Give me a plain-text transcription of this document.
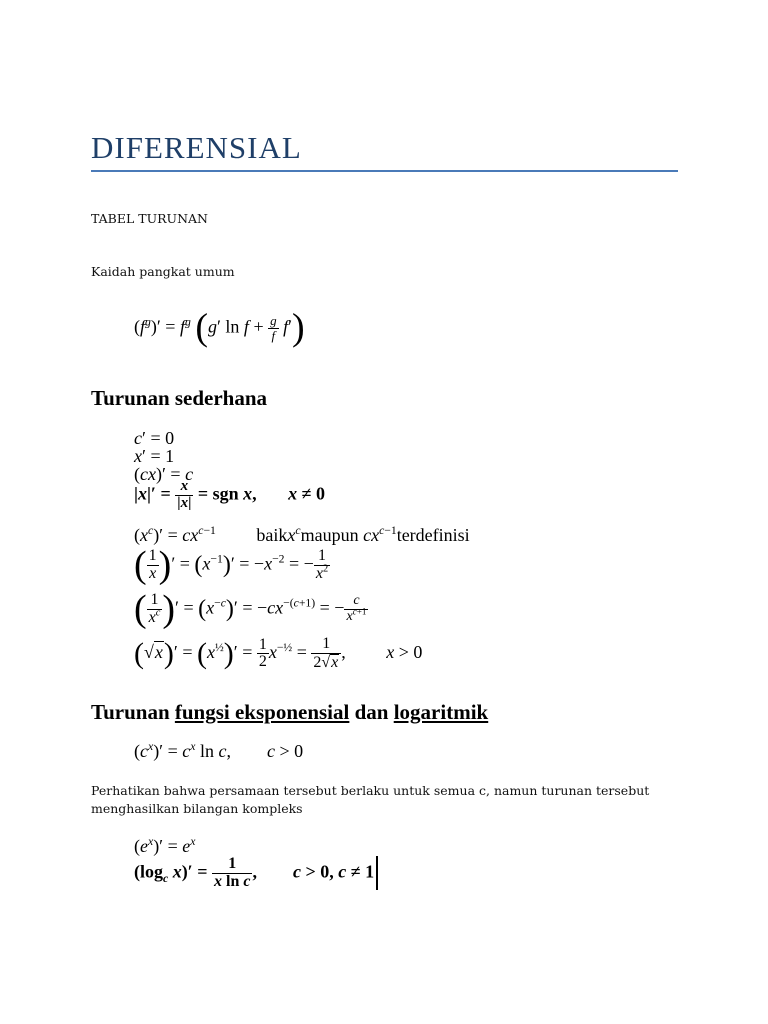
DIFERENSIAL
TABEL TURUNAN
Kaidah pangkat umum
$(f^g)' = f^g$ (g′ $\ln f + \frac{g}{f} f'$)
Turunan sederhana
c′ = 0
x′ = 1
(cx)′ = c
$|x|' = \frac{x}{|x|}$ = sgn x,       x ≠ 0
$(x^c)' = cx^{c-1}$         baikx$^c$maupun $cx^{c-1}terdefinisi$
( $\frac{1}{x}$ )′ = $(x^{-1})' = -x^{-2}$ = − $\frac{1}{x^2}$
( $\frac{1}{x^c}$ )′ = $(x^{-c})' = -cx^{-(c+1)}$ = − $\frac{c}{x^{c+1}}$
$(√x)' = (x^{\frac{1}{2}})' = \frac{1}{2} x^{-\frac{1}{2}} = \frac{1}{2√x}$ ,         x > 0
Turunan fungsi eksponensial dan logaritmik
$(c^x)' = c^x$ ln c,        c > 0
Perhatikan bahwa persamaan tersebut berlaku untuk semua c, namun turunan tersebut
menghasilkan bilangan kompleks
$(e^x)' = e^x$
($\log_c$ $x)' = \frac{1}{\text{x ln c}}$ ,        c > 0, c ≠ 1
